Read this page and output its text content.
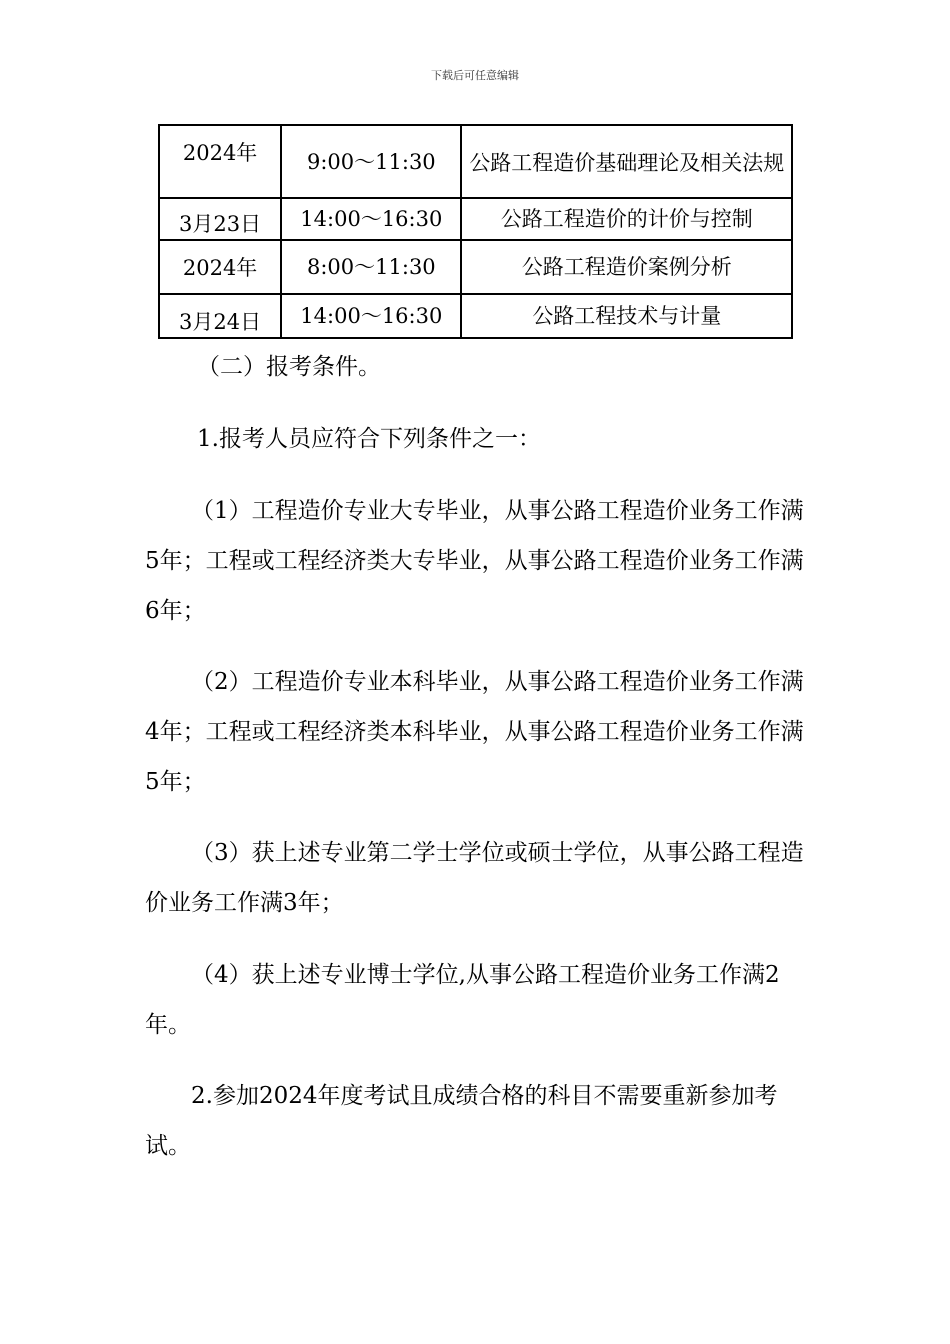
下载后可任意编辑
2024年	9:00～11:30	公路工程造价基础理论及相关法规
3月23日	14:00～16:30	公路工程造价的计价与控制
2024年	8:00～11:30	公路工程造价案例分析
3月24日	14:00～16:30	公路工程技术与计量

（二）报考条件。

1.报考人员应符合下列条件之一：

（1）工程造价专业大专毕业，从事公路工程造价业务工作满5年；工程或工程经济类大专毕业，从事公路工程造价业务工作满6年；

（2）工程造价专业本科毕业，从事公路工程造价业务工作满4年；工程或工程经济类本科毕业，从事公路工程造价业务工作满5年；

（3）获上述专业第二学士学位或硕士学位，从事公路工程造价业务工作满3年；

（4）获上述专业博士学位,从事公路工程造价业务工作满2年。

2.参加2024年度考试且成绩合格的科目不需要重新参加考试。
